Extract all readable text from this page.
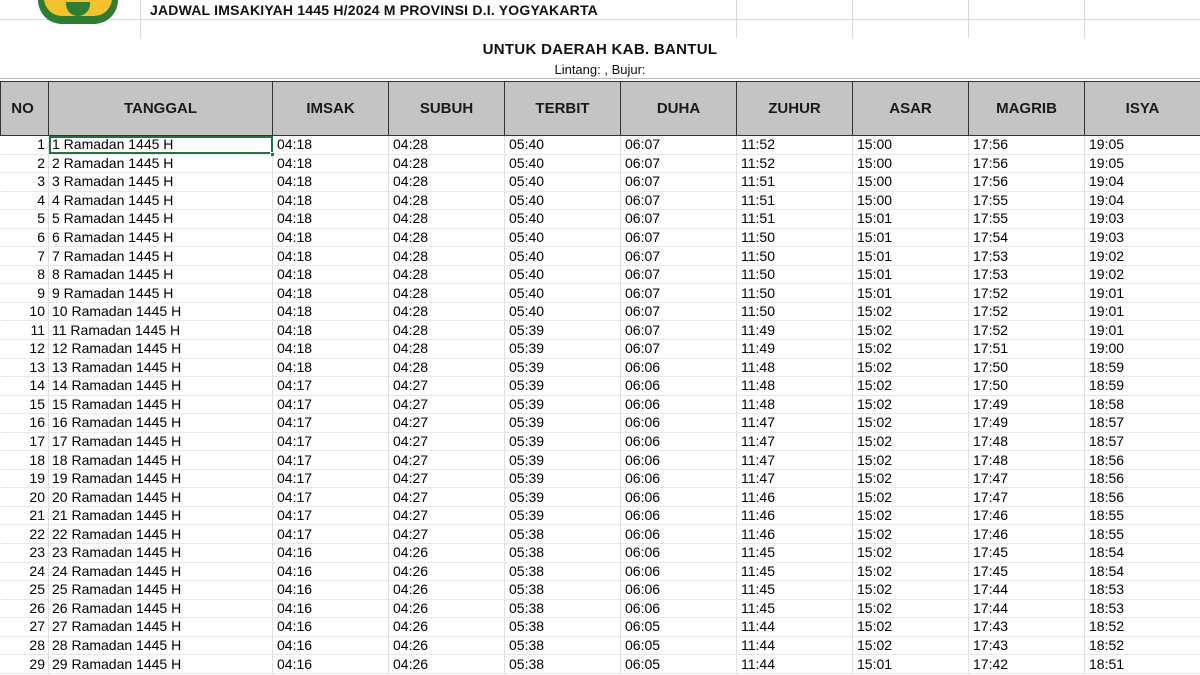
JADWAL IMSAKIYAH 1445 H/2024 M PROVINSI D.I. YOGYAKARTA
UNTUK DAERAH KAB. BANTUL
Lintang: , Bujur:
NO	TANGGAL	IMSAK	SUBUH	TERBIT	DUHA	ZUHUR	ASAR	MAGRIB	ISYA
1	1 Ramadan 1445 H	04:18	04:28	05:40	06:07	11:52	15:00	17:56	19:05
2	2 Ramadan 1445 H	04:18	04:28	05:40	06:07	11:52	15:00	17:56	19:05
3	3 Ramadan 1445 H	04:18	04:28	05:40	06:07	11:51	15:00	17:56	19:04
4	4 Ramadan 1445 H	04:18	04:28	05:40	06:07	11:51	15:00	17:55	19:04
5	5 Ramadan 1445 H	04:18	04:28	05:40	06:07	11:51	15:01	17:55	19:03
6	6 Ramadan 1445 H	04:18	04:28	05:40	06:07	11:50	15:01	17:54	19:03
7	7 Ramadan 1445 H	04:18	04:28	05:40	06:07	11:50	15:01	17:53	19:02
8	8 Ramadan 1445 H	04:18	04:28	05:40	06:07	11:50	15:01	17:53	19:02
9	9 Ramadan 1445 H	04:18	04:28	05:40	06:07	11:50	15:01	17:52	19:01
10	10 Ramadan 1445 H	04:18	04:28	05:40	06:07	11:50	15:02	17:52	19:01
11	11 Ramadan 1445 H	04:18	04:28	05:39	06:07	11:49	15:02	17:52	19:01
12	12 Ramadan 1445 H	04:18	04:28	05:39	06:07	11:49	15:02	17:51	19:00
13	13 Ramadan 1445 H	04:18	04:28	05:39	06:06	11:48	15:02	17:50	18:59
14	14 Ramadan 1445 H	04:17	04:27	05:39	06:06	11:48	15:02	17:50	18:59
15	15 Ramadan 1445 H	04:17	04:27	05:39	06:06	11:48	15:02	17:49	18:58
16	16 Ramadan 1445 H	04:17	04:27	05:39	06:06	11:47	15:02	17:49	18:57
17	17 Ramadan 1445 H	04:17	04:27	05:39	06:06	11:47	15:02	17:48	18:57
18	18 Ramadan 1445 H	04:17	04:27	05:39	06:06	11:47	15:02	17:48	18:56
19	19 Ramadan 1445 H	04:17	04:27	05:39	06:06	11:47	15:02	17:47	18:56
20	20 Ramadan 1445 H	04:17	04:27	05:39	06:06	11:46	15:02	17:47	18:56
21	21 Ramadan 1445 H	04:17	04:27	05:39	06:06	11:46	15:02	17:46	18:55
22	22 Ramadan 1445 H	04:17	04:27	05:38	06:06	11:46	15:02	17:46	18:55
23	23 Ramadan 1445 H	04:16	04:26	05:38	06:06	11:45	15:02	17:45	18:54
24	24 Ramadan 1445 H	04:16	04:26	05:38	06:06	11:45	15:02	17:45	18:54
25	25 Ramadan 1445 H	04:16	04:26	05:38	06:06	11:45	15:02	17:44	18:53
26	26 Ramadan 1445 H	04:16	04:26	05:38	06:06	11:45	15:02	17:44	18:53
27	27 Ramadan 1445 H	04:16	04:26	05:38	06:05	11:44	15:02	17:43	18:52
28	28 Ramadan 1445 H	04:16	04:26	05:38	06:05	11:44	15:02	17:43	18:52
29	29 Ramadan 1445 H	04:16	04:26	05:38	06:05	11:44	15:01	17:42	18:51
